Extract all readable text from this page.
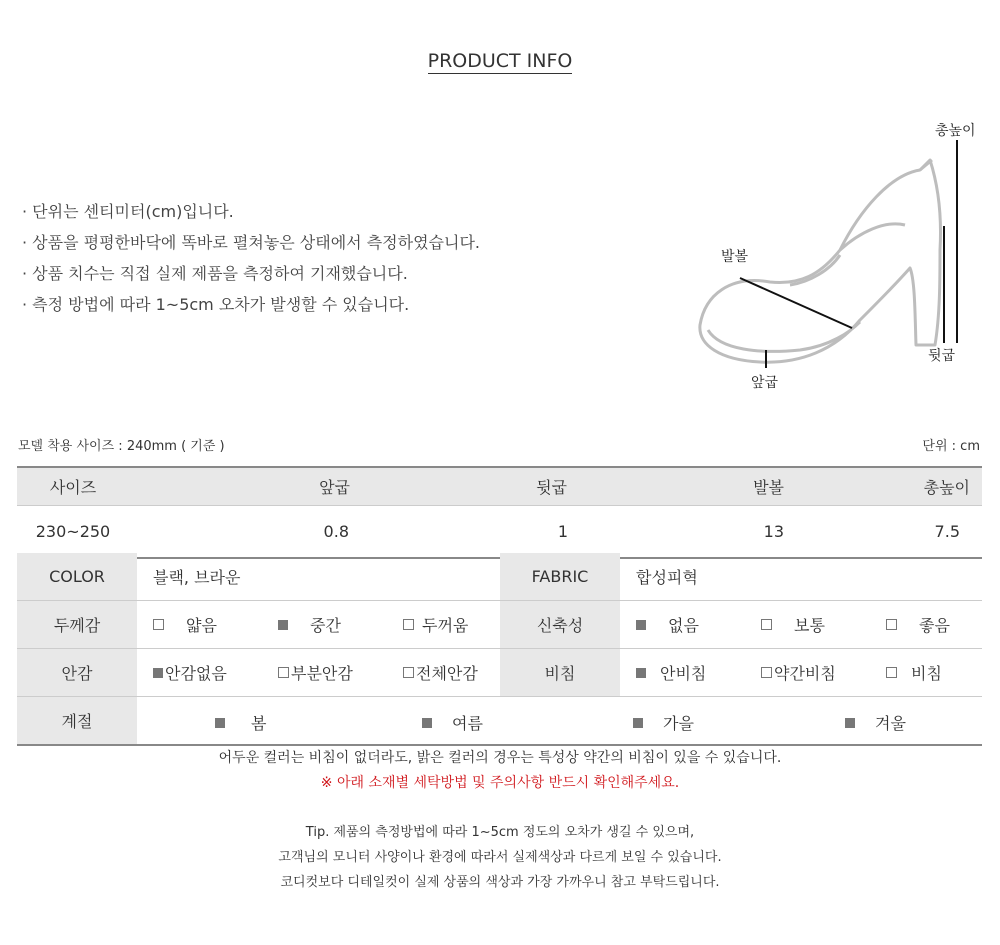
PRODUCT INFO
· 단위는 센티미터(cm)입니다.
· 상품을 평평한바닥에 똑바로 펼쳐놓은 상태에서 측정하였습니다.
· 상품 치수는 직접 실제 제품을 측정하여 기재했습니다.
· 측정 방법에 따라 1~5cm 오차가 발생할 수 있습니다.
총높이
발볼
뒷굽
앞굽
모델 착용 사이즈 : 240mm ( 기준 )	단위 : cm
사이즈	앞굽	뒷굽	발볼	총높이
230~250	0.8	1	13	7.5
COLOR	블랙, 브라운			FABRIC	합성피혁		
두께감	얇음	중간	두꺼움	신축성	없음	보통	좋음
안감	안감없음	부분안감	전체안감	비침	안비침	약간비침	비침
계절	봄 여름 가을 겨울						
어두운 컬러는 비침이 없더라도, 밝은 컬러의 경우는 특성상 약간의 비침이 있을 수 있습니다.
※ 아래 소재별 세탁방법 및 주의사항 반드시 확인해주세요.
Tip. 제품의 측정방법에 따라 1~5cm 정도의 오차가 생길 수 있으며,
고객님의 모니터 사양이나 환경에 따라서 실제색상과 다르게 보일 수 있습니다.
코디컷보다 디테일컷이 실제 상품의 색상과 가장 가까우니 참고 부탁드립니다.
